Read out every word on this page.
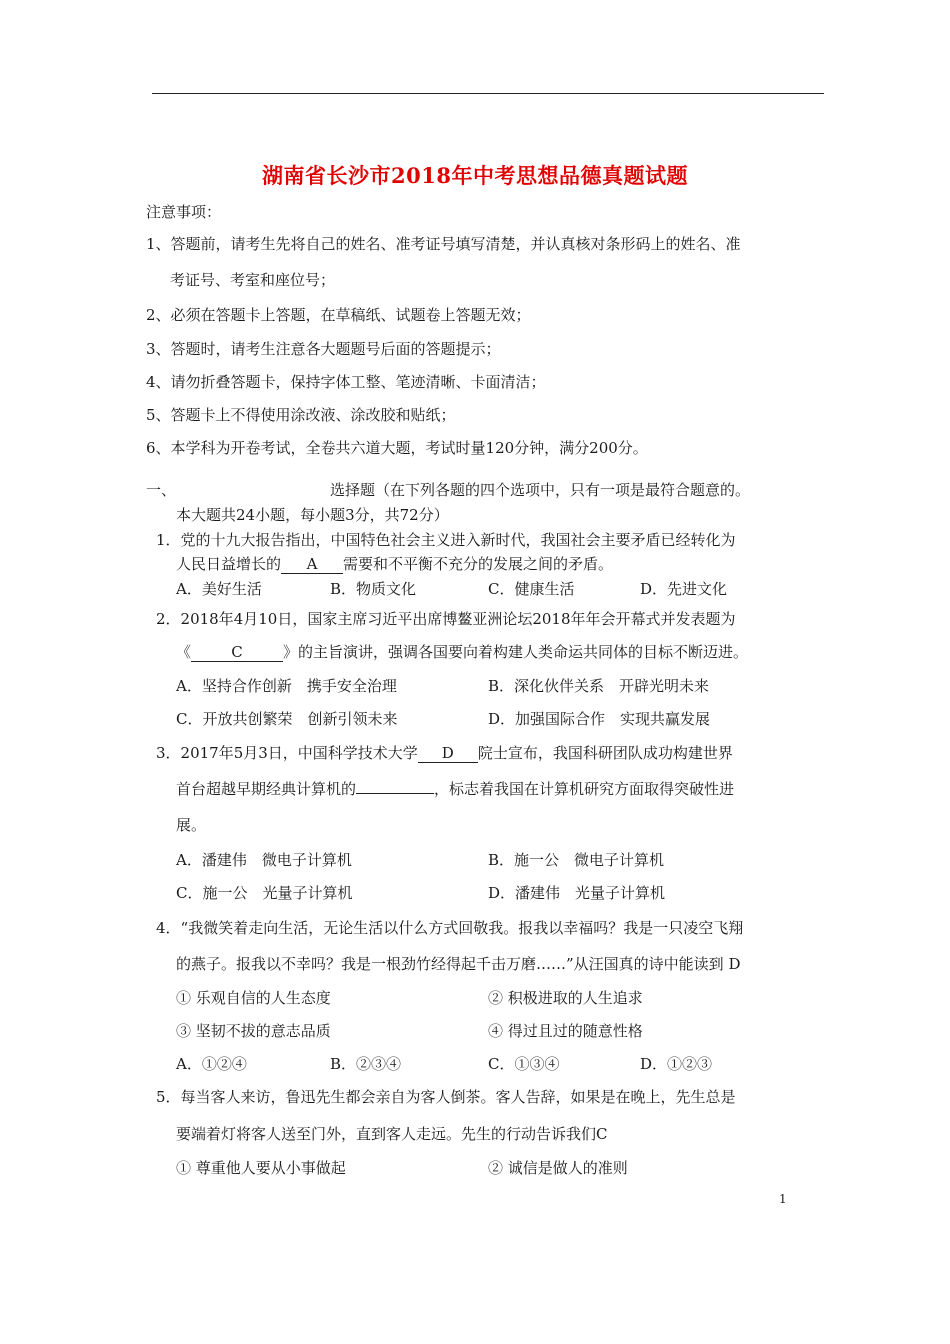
湖南省长沙市2018年中考思想品德真题试题
注意事项：
1、答题前，请考生先将自己的姓名、准考证号填写清楚，并认真核对条形码上的姓名、准
考证号、考室和座位号；
2、必须在答题卡上答题，在草稿纸、试题卷上答题无效；
3、答题时，请考生注意各大题题号后面的答题提示；
4、请勿折叠答题卡，保持字体工整、笔迹清晰、卡面清洁；
5、答题卡上不得使用涂改液、涂改胶和贴纸；
6、本学科为开卷考试，全卷共六道大题，考试时量120分钟，满分200分。
一、	选择题（在下列各题的四个选项中，只有一项是最符合题意的。
本大题共24小题，每小题3分，共72分）
1．党的十九大报告指出，中国特色社会主义进入新时代，我国社会主要矛盾已经转化为
人民日益增长的 A 需要和不平衡不充分的发展之间的矛盾。
A．美好生活	B．物质文化	C．健康生活	D．先进文化
2．2018年4月10日，国家主席习近平出席博鳌亚洲论坛2018年年会开幕式并发表题为
《	C	》的主旨演讲，强调各国要向着构建人类命运共同体的目标不断迈进。
A．坚持合作创新　携手安全治理	B．深化伙伴关系　开辟光明未来
C．开放共创繁荣　创新引领未来	D．加强国际合作　实现共赢发展
3．2017年5月3日，中国科学技术大学 D 院士宣布，我国科研团队成功构建世界
首台超越早期经典计算机的	，标志着我国在计算机研究方面取得突破性进
展。
A．潘建伟　微电子计算机	B．施一公　微电子计算机
C．施一公　光量子计算机	D．潘建伟　光量子计算机
4．“我微笑着走向生活，无论生活以什么方式回敬我。报我以幸福吗？我是一只凌空飞翔
的燕子。报我以不幸吗？我是一根劲竹经得起千击万磨……”从汪国真的诗中能读到 D
① 乐观自信的人生态度	② 积极进取的人生追求
③ 坚韧不拔的意志品质	④ 得过且过的随意性格
A．①②④	B．②③④	C．①③④	D．①②③
5．每当客人来访，鲁迅先生都会亲自为客人倒茶。客人告辞，如果是在晚上，先生总是
要端着灯将客人送至门外，直到客人走远。先生的行动告诉我们C
① 尊重他人要从小事做起	② 诚信是做人的准则
1
